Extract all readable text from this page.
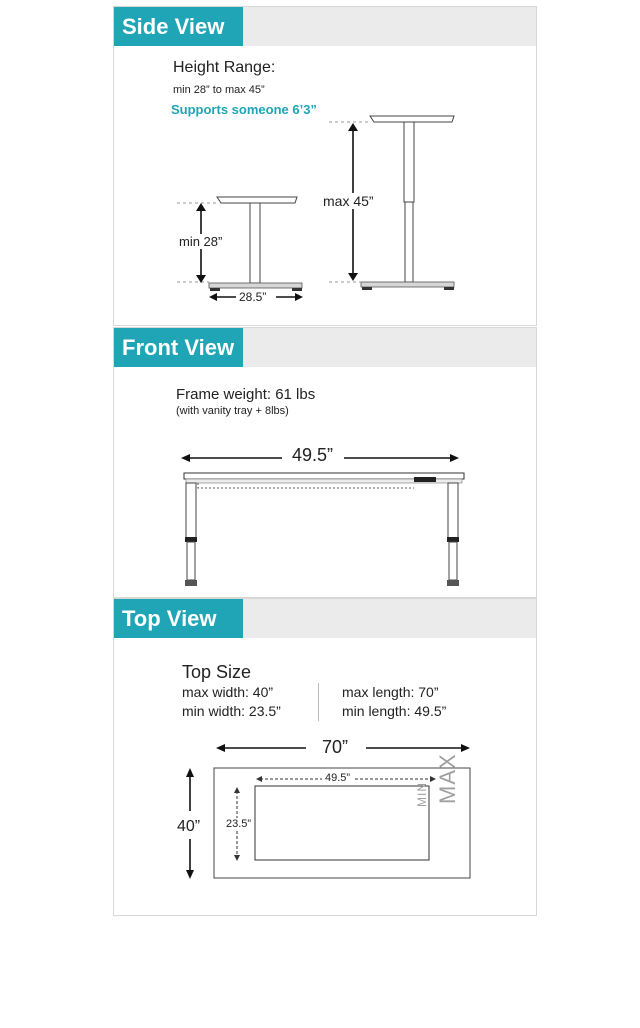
Side View
Height Range:
min 28” to max 45”
Supports someone 6’3”
min 28”
max 45”
28.5”
Front View
Frame weight: 61 lbs
(with vanity tray + 8lbs)
49.5”
Top View
Top Size
max width: 40”
min width: 23.5”
max length: 70”
min length: 49.5”
70”
40”
49.5”
23.5”
MAX
MIN
